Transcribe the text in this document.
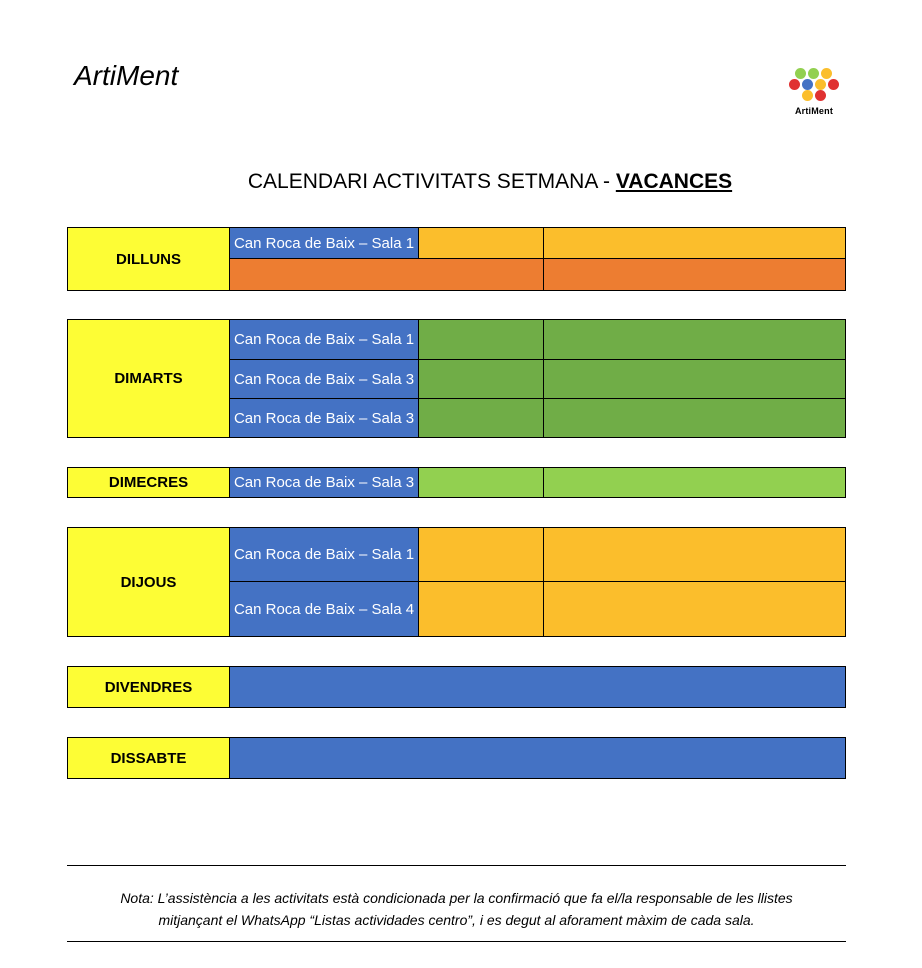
ArtiMent
ArtiMent
CALENDARI ACTIVITATS SETMANA - VACANCES
DILLUNS
Can Roca de Baix – Sala 1
DIMARTS
Can Roca de Baix – Sala 1
Can Roca de Baix – Sala 3
Can Roca de Baix – Sala 3
DIMECRES	Can Roca de Baix – Sala 3
DIJOUS
Can Roca de Baix – Sala 1
Can Roca de Baix – Sala 4
DIVENDRES
DISSABTE
Nota: L’assistència a les activitats està condicionada per la confirmació que fa el/la responsable de les llistes
mitjançant el WhatsApp “Listas actividades centro”, i es degut al aforament màxim de cada sala.
